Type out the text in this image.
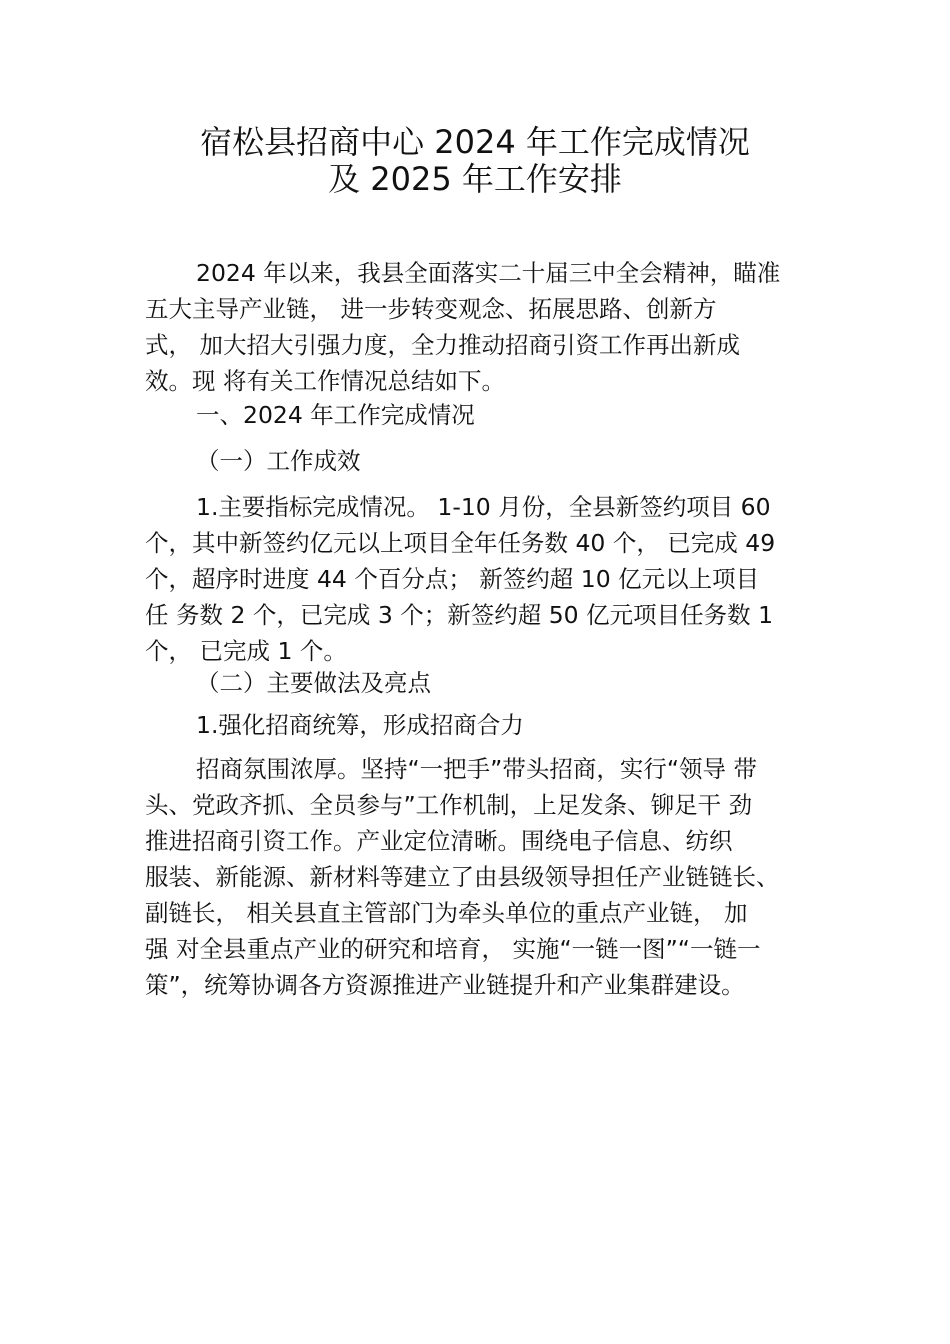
宿松县招商中心 2024 年工作完成情况
及 2025 年工作安排
2024 年以来，我县全面落实二十届三中全会精神，瞄准
五大主导产业链， 进一步转变观念、拓展思路、创新方
式， 加大招大引强力度，全力推动招商引资工作再出新成
效。现 将有关工作情况总结如下。
一、2024 年工作完成情况
（一）工作成效
1.主要指标完成情况。 1-10 月份，全县新签约项目 60
个，其中新签约亿元以上项目全年任务数 40 个， 已完成 49
个，超序时进度 44 个百分点； 新签约超 10 亿元以上项目
任 务数 2 个，已完成 3 个；新签约超 50 亿元项目任务数 1
个， 已完成 1 个。
（二）主要做法及亮点
1.强化招商统筹，形成招商合力
招商氛围浓厚。坚持“一把手”带头招商，实行“领导 带
头、党政齐抓、全员参与”工作机制，上足发条、铆足干 劲
推进招商引资工作。产业定位清晰。围绕电子信息、纺织
服装、新能源、新材料等建立了由县级领导担任产业链链长、
副链长， 相关县直主管部门为牵头单位的重点产业链， 加
强 对全县重点产业的研究和培育， 实施“一链一图”“一链一
策”，统筹协调各方资源推进产业链提升和产业集群建设。
